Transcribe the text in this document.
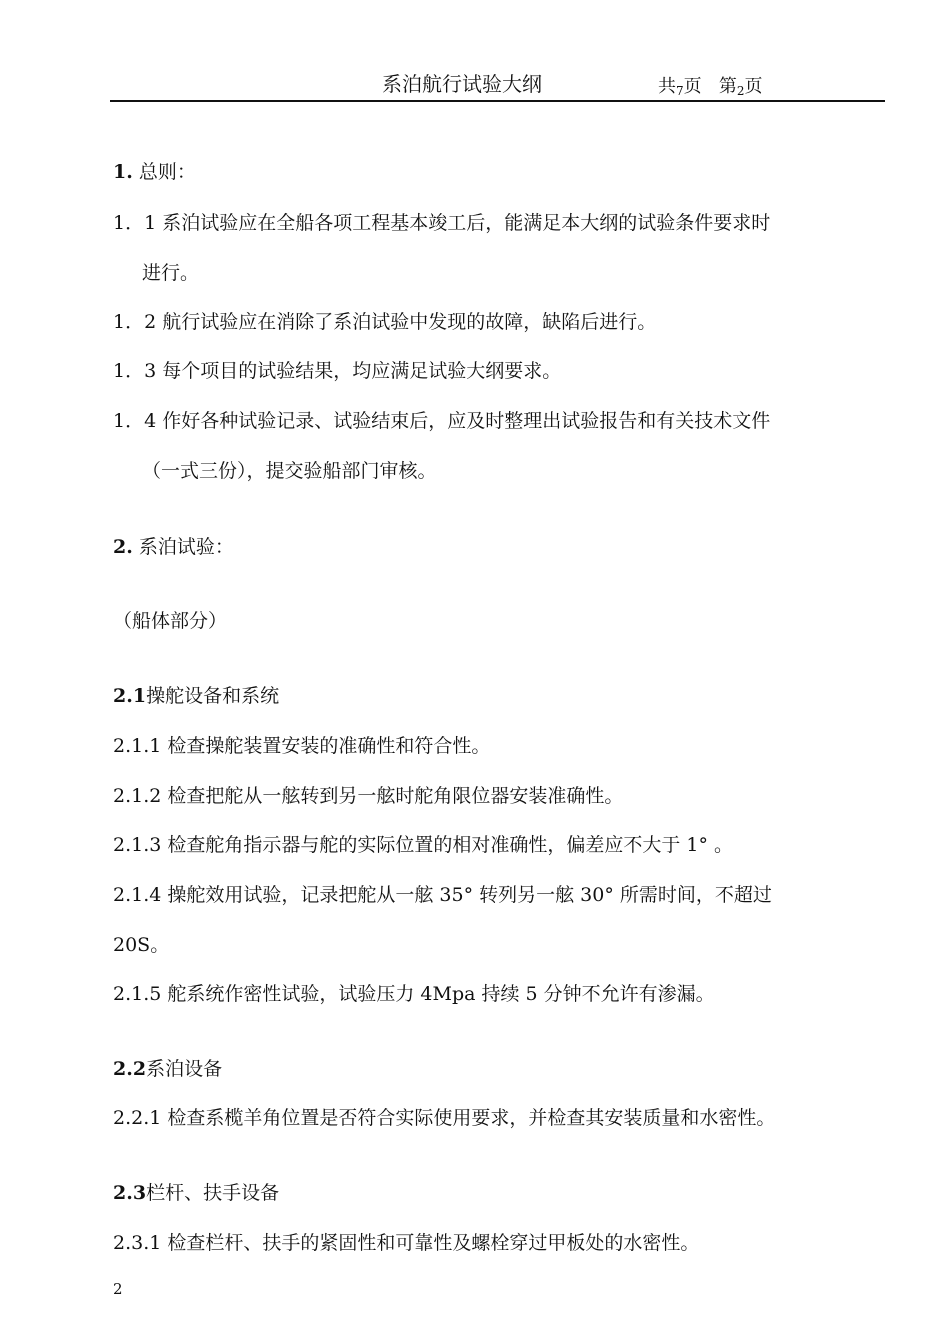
系泊航行试验大纲	共$_7$页 第$_2$页
1. 总则：
1．1 系泊试验应在全船各项工程基本竣工后，能满足本大纲的试验条件要求时
进行。
1．2 航行试验应在消除了系泊试验中发现的故障，缺陷后进行。
1．3 每个项目的试验结果，均应满足试验大纲要求。
1．4 作好各种试验记录、试验结束后，应及时整理出试验报告和有关技术文件
（一式三份），提交验船部门审核。
2. 系泊试验：
（船体部分）
2.1操舵设备和系统
2.1.1 检查操舵装置安装的准确性和符合性。
2.1.2 检查把舵从一舷转到另一舷时舵角限位器安装准确性。
2.1.3 检查舵角指示器与舵的实际位置的相对准确性，偏差应不大于 1° 。
2.1.4 操舵效用试验，记录把舵从一舷 35° 转列另一舷 30° 所需时间，不超过
20S。
2.1.5 舵系统作密性试验，试验压力 4Mpa 持续 5 分钟不允许有渗漏。
2.2系泊设备
2.2.1 检查系榄羊角位置是否符合实际使用要求，并检查其安装质量和水密性。
2.3栏杆、扶手设备
2.3.1 检查栏杆、扶手的紧固性和可靠性及螺栓穿过甲板处的水密性。
2
